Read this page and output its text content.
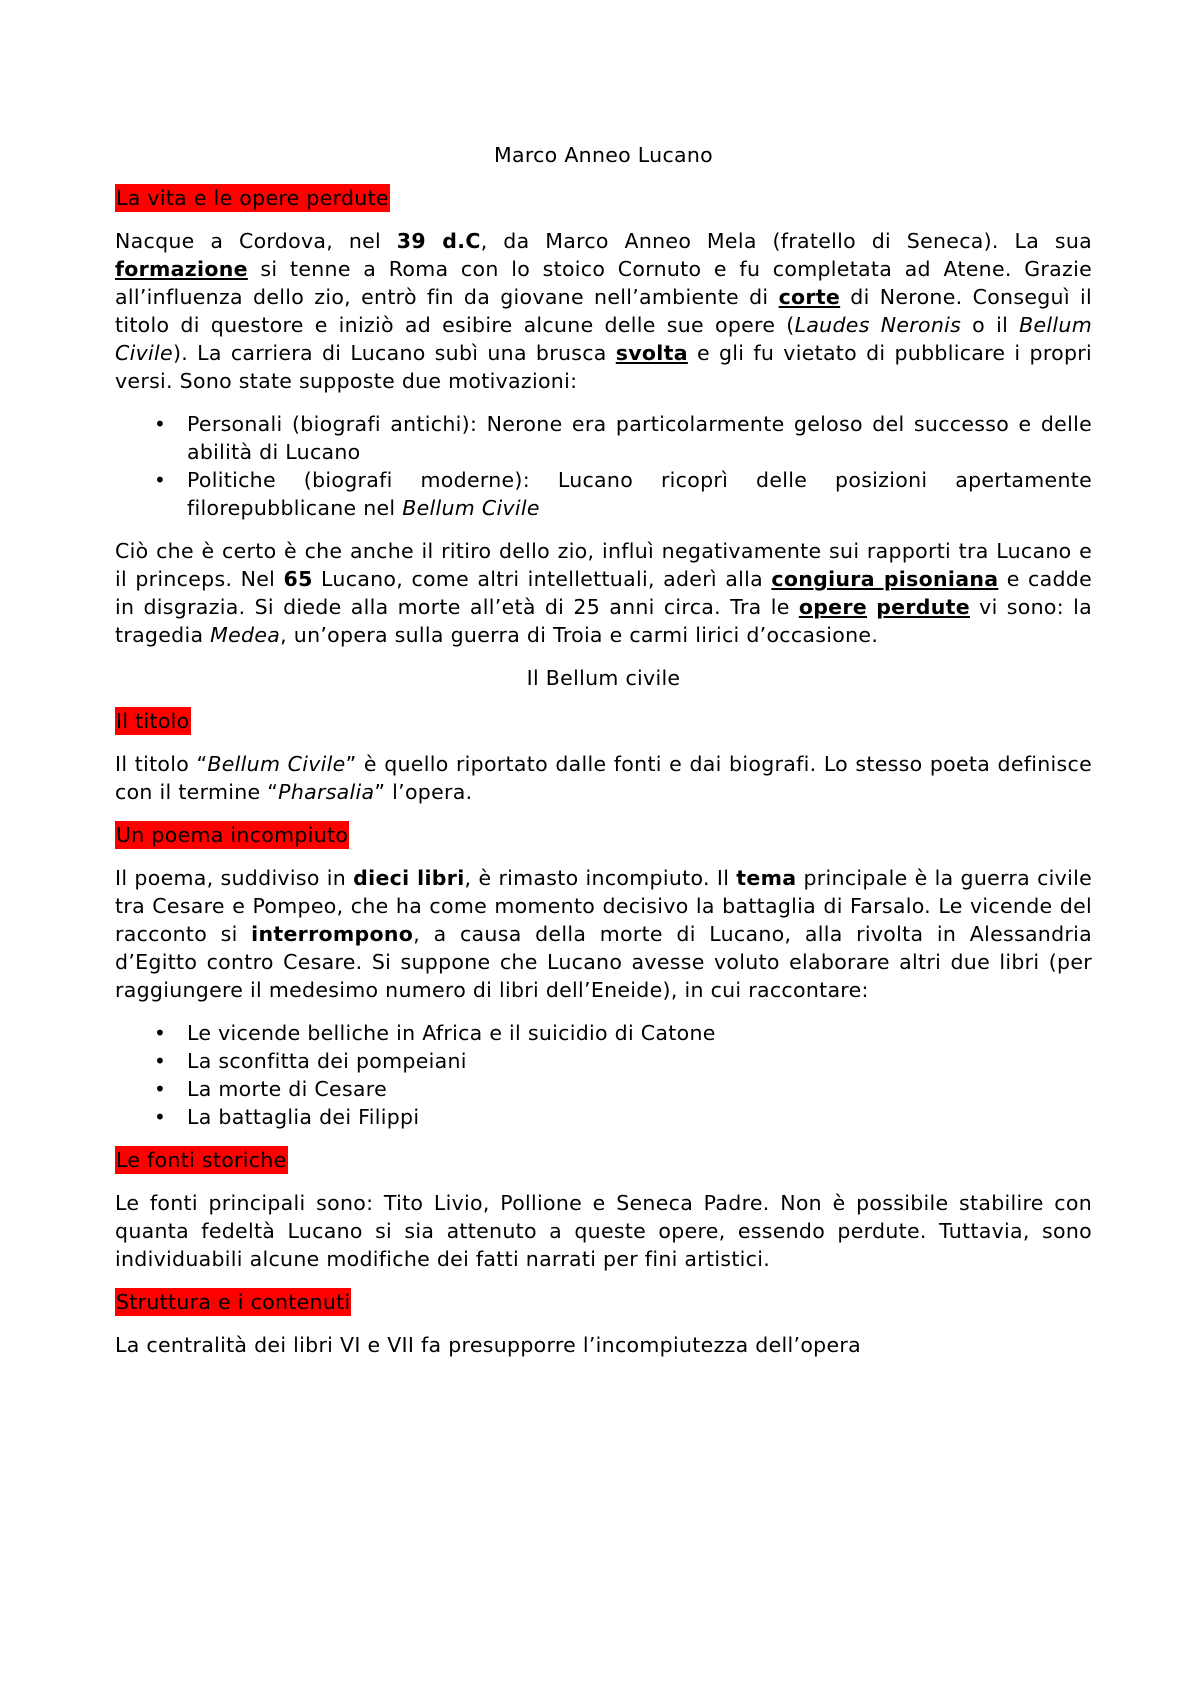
Marco Anneo Lucano
La vita e le opere perdute

Nacque a Cordova, nel 39 d.C, da Marco Anneo Mela (fratello di Seneca). La sua formazione si tenne a Roma con lo stoico Cornuto e fu completata ad Atene. Grazie all’influenza dello zio, entrò fin da giovane nell’ambiente di corte di Nerone. Conseguì il titolo di questore e iniziò ad esibire alcune delle sue opere (Laudes Neronis o il Bellum Civile). La carriera di Lucano subì una brusca svolta e gli fu vietato di pubblicare i propri versi. Sono state supposte due motivazioni:

• Personali (biografi antichi): Nerone era particolarmente geloso del successo e delle abilità di Lucano
• Politiche (biografi moderne): Lucano ricoprì delle posizioni apertamente filorepubblicane nel Bellum Civile

Ciò che è certo è che anche il ritiro dello zio, influì negativamente sui rapporti tra Lucano e il princeps. Nel 65 Lucano, come altri intellettuali, aderì alla congiura pisoniana e cadde in disgrazia. Si diede alla morte all’età di 25 anni circa. Tra le opere perdute vi sono: la tragedia Medea, un’opera sulla guerra di Troia e carmi lirici d’occasione.

Il Bellum civile
Il titolo

Il titolo “Bellum Civile” è quello riportato dalle fonti e dai biografi. Lo stesso poeta definisce con il termine “Pharsalia” l’opera.

Un poema incompiuto

Il poema, suddiviso in dieci libri, è rimasto incompiuto. Il tema principale è la guerra civile tra Cesare e Pompeo, che ha come momento decisivo la battaglia di Farsalo. Le vicende del racconto si interrompono, a causa della morte di Lucano, alla rivolta in Alessandria d’Egitto contro Cesare. Si suppone che Lucano avesse voluto elaborare altri due libri (per raggiungere il medesimo numero di libri dell’Eneide), in cui raccontare:

• Le vicende belliche in Africa e il suicidio di Catone
• La sconfitta dei pompeiani
• La morte di Cesare
• La battaglia dei Filippi
Le fonti storiche

Le fonti principali sono: Tito Livio, Pollione e Seneca Padre. Non è possibile stabilire con quanta fedeltà Lucano si sia attenuto a queste opere, essendo perdute. Tuttavia, sono individuabili alcune modifiche dei fatti narrati per fini artistici.

Struttura e i contenuti

La centralità dei libri VI e VII fa presupporre l’incompiutezza dell’opera
